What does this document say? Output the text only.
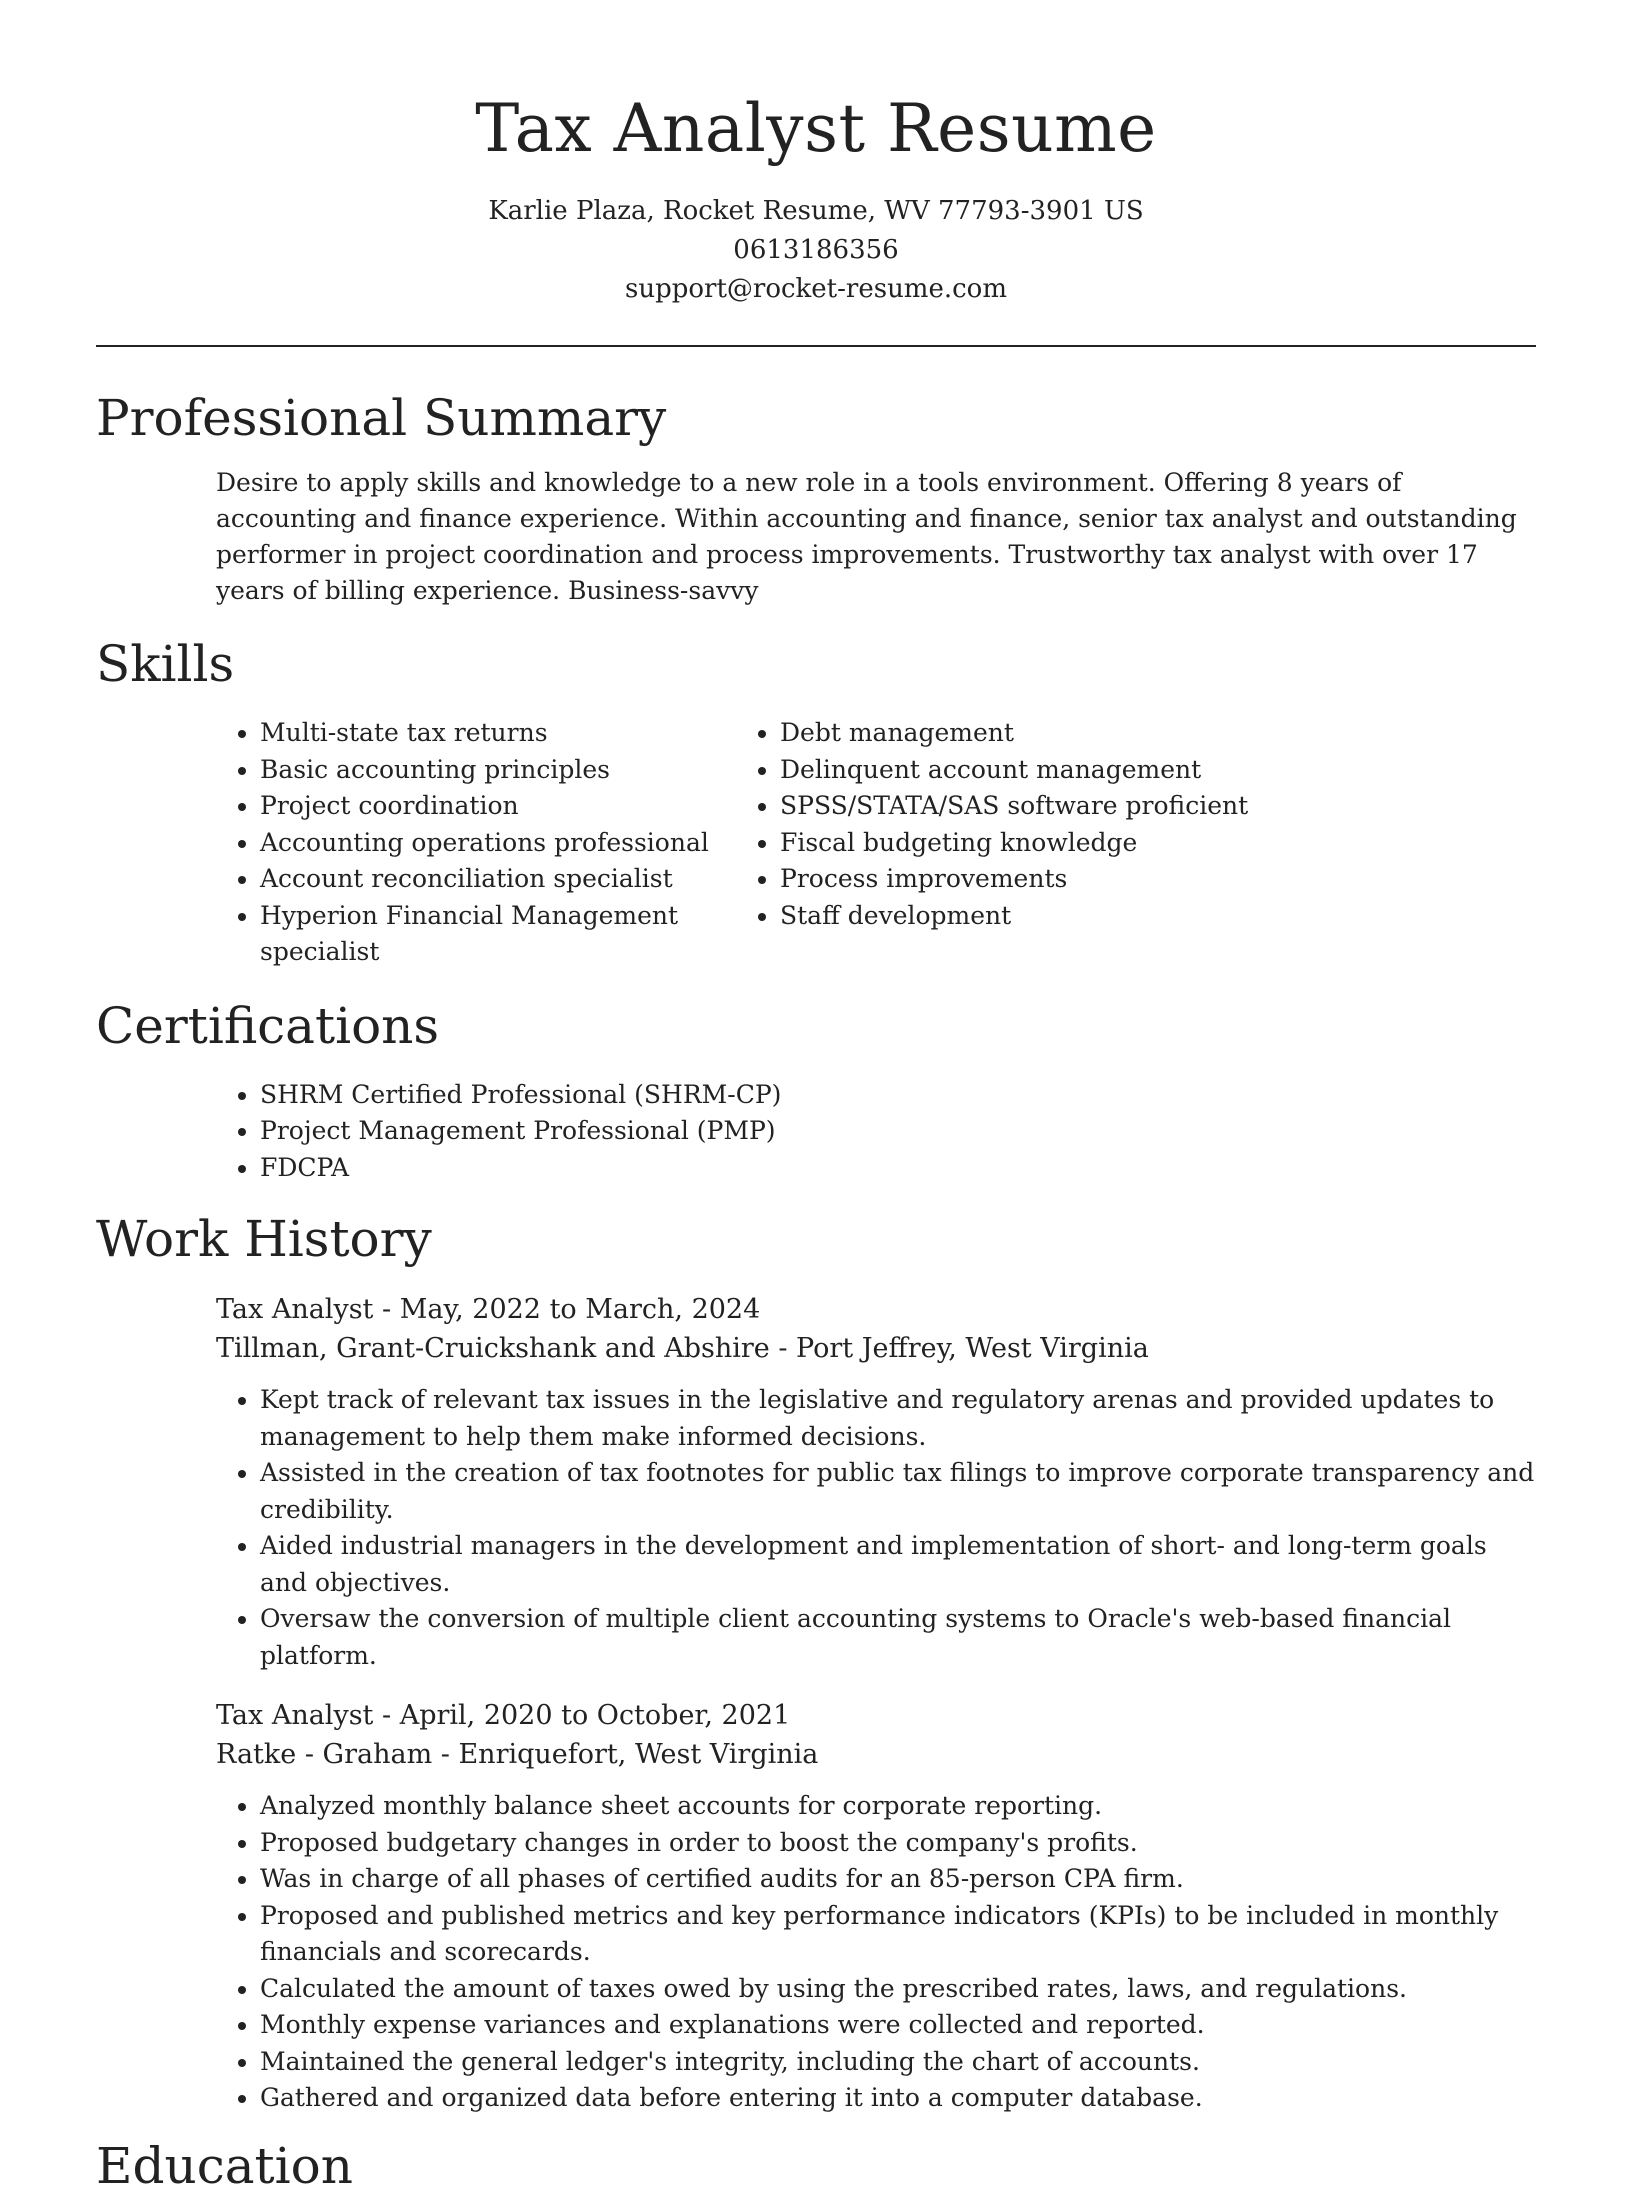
Tax Analyst Resume
Karlie Plaza, Rocket Resume, WV 77793-3901 US
0613186356
support@rocket-resume.com
Professional Summary

Desire to apply skills and knowledge to a new role in a tools environment. Offering 8 years of accounting and finance experience. Within accounting and finance, senior tax analyst and outstanding performer in project coordination and process improvements. Trustworthy tax analyst with over 17 years of billing experience. Business-savvy

Skills
• Multi-state tax returns
• Basic accounting principles
• Project coordination
• Accounting operations professional
• Account reconciliation specialist
• Hyperion Financial Management specialist
• Debt management
• Delinquent account management
• SPSS/STATA/SAS software proficient
• Fiscal budgeting knowledge
• Process improvements
• Staff development
Certifications
• SHRM Certified Professional (SHRM-CP)
• Project Management Professional (PMP)
• FDCPA
Work History
Tax Analyst - May, 2022 to March, 2024
Tillman, Grant-Cruickshank and Abshire - Port Jeffrey, West Virginia
• Kept track of relevant tax issues in the legislative and regulatory arenas and provided updates to management to help them make informed decisions.
• Assisted in the creation of tax footnotes for public tax filings to improve corporate transparency and credibility.
• Aided industrial managers in the development and implementation of short- and long-term goals and objectives.
• Oversaw the conversion of multiple client accounting systems to Oracle's web-based financial platform.
Tax Analyst - April, 2020 to October, 2021
Ratke - Graham - Enriquefort, West Virginia
• Analyzed monthly balance sheet accounts for corporate reporting.
• Proposed budgetary changes in order to boost the company's profits.
• Was in charge of all phases of certified audits for an 85-person CPA firm.
• Proposed and published metrics and key performance indicators (KPIs) to be included in monthly financials and scorecards.
• Calculated the amount of taxes owed by using the prescribed rates, laws, and regulations.
• Monthly expense variances and explanations were collected and reported.
• Maintained the general ledger's integrity, including the chart of accounts.
• Gathered and organized data before entering it into a computer database.
Education
